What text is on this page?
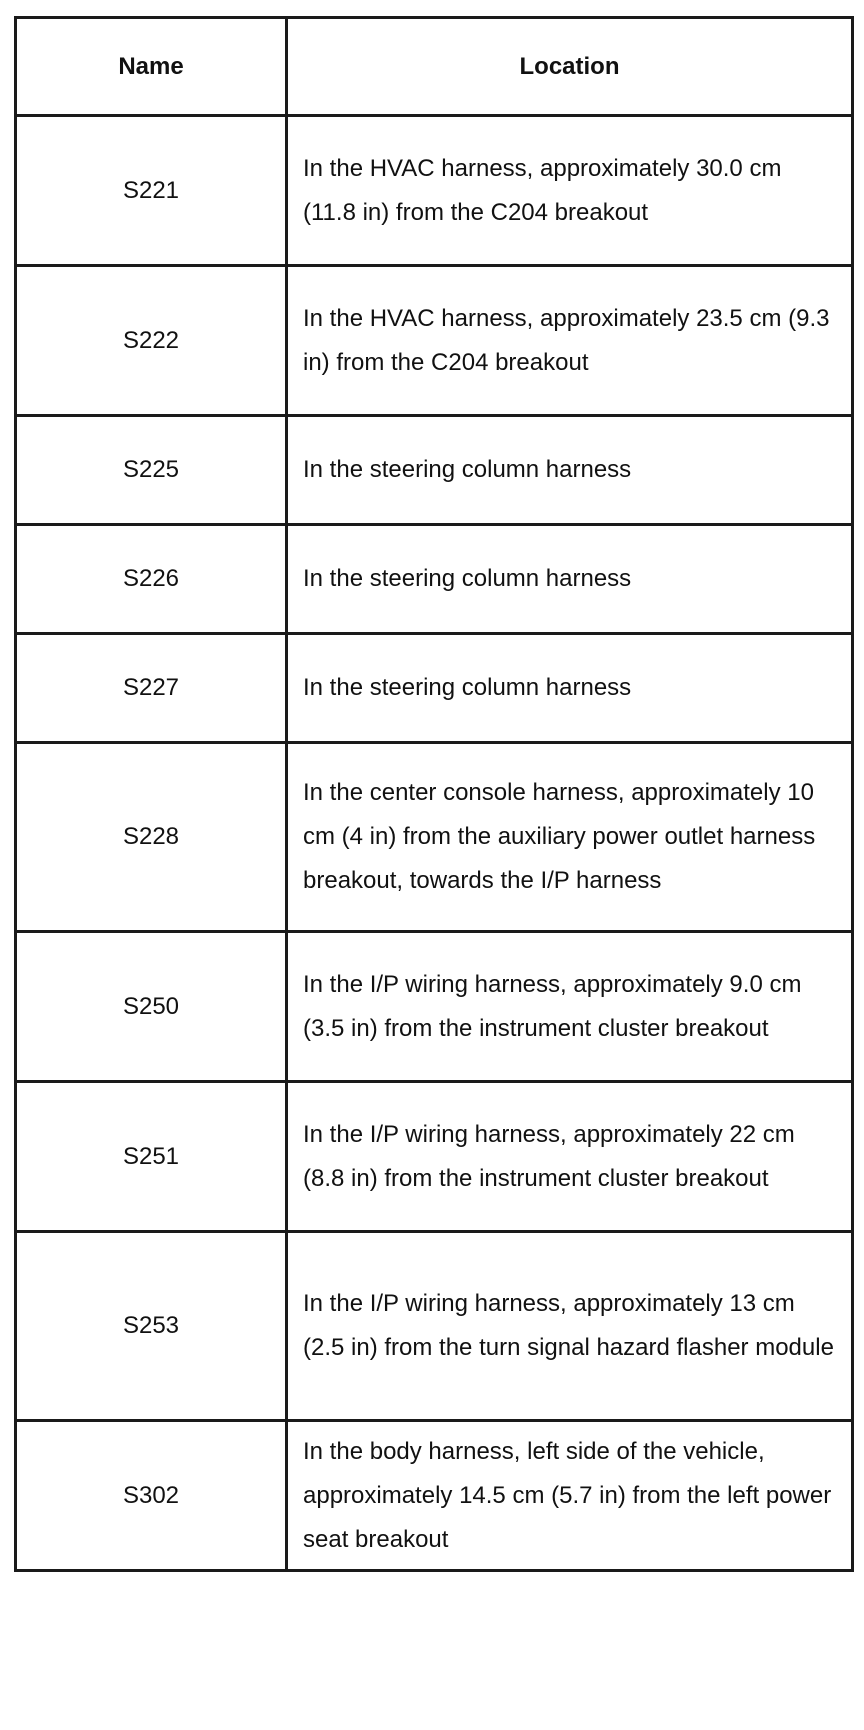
Name	Location
S221	In the HVAC harness, approximately 30.0 cm (11.8 in) from the C204 breakout
S222	In the HVAC harness, approximately 23.5 cm (9.3 in) from the C204 breakout
S225	In the steering column harness
S226	In the steering column harness
S227	In the steering column harness
S228	In the center console harness, approximately 10 cm (4 in) from the auxiliary power outlet harness breakout, towards the I/P harness
S250	In the I/P wiring harness, approximately 9.0 cm (3.5 in) from the instrument cluster breakout
S251	In the I/P wiring harness, approximately 22 cm (8.8 in) from the instrument cluster breakout
S253	In the I/P wiring harness, approximately 13 cm (2.5 in) from the turn signal hazard flasher module
S302	In the body harness, left side of the vehicle, approximately 14.5 cm (5.7 in) from the left power seat breakout
